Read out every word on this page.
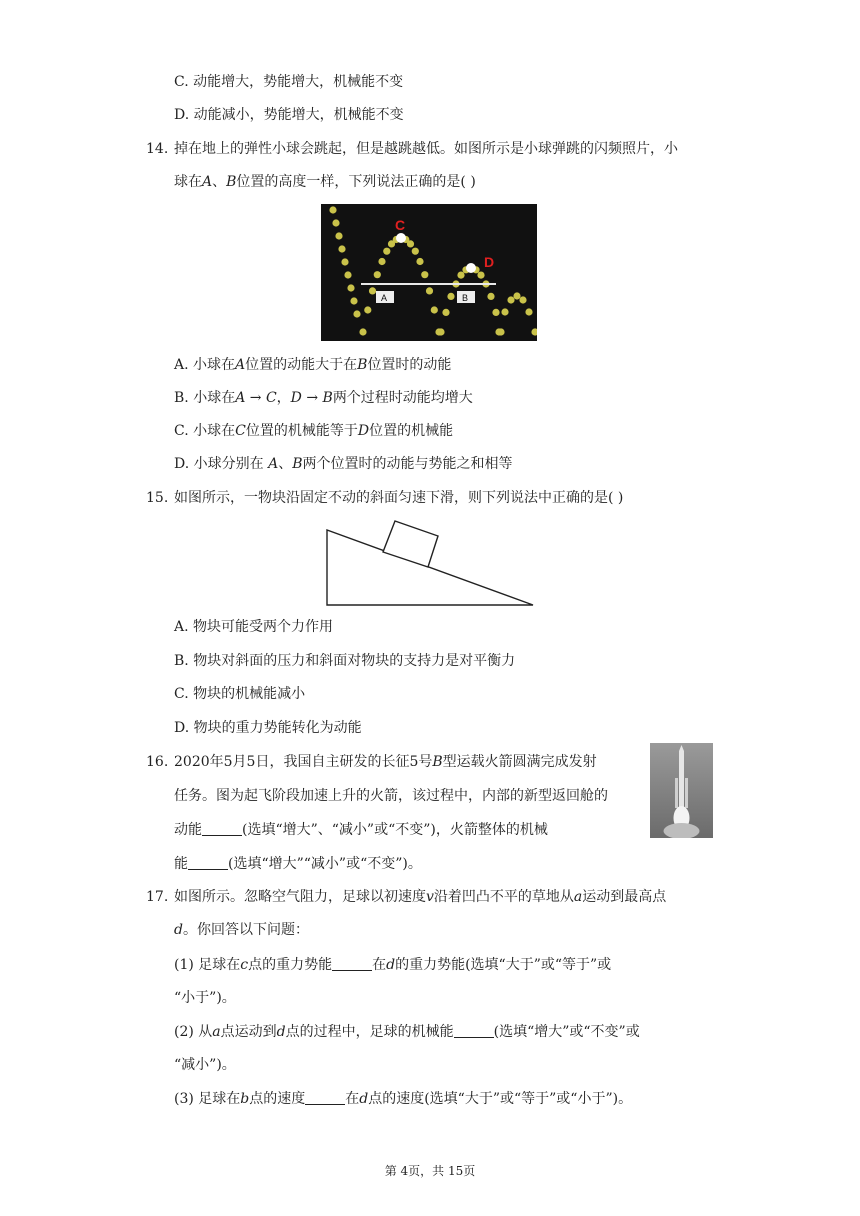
C. 动能增大，势能增大，机械能不变
D. 动能减小，势能增大，机械能不变
14. 掉在地上的弹性小球会跳起，但是越跳越低。如图所示是小球弹跳的闪频照片，小
球在A、B位置的高度一样，下列说法正确的是( )
C
D
A	B
A. 小球在A位置的动能大于在B位置时的动能
B. 小球在A → C，D → B两个过程时动能均增大
C. 小球在C位置的机械能等于D位置的机械能
D. 小球分别在 A、B两个位置时的动能与势能之和相等
15. 如图所示，一物块沿固定不动的斜面匀速下滑，则下列说法中正确的是( )
A. 物块可能受两个力作用
B. 物块对斜面的压力和斜面对物块的支持力是对平衡力
C. 物块的机械能减小
D. 物块的重力势能转化为动能
16. 2020年5月5日，我国自主研发的长征5号B型运载火箭圆满完成发射
任务。图为起飞阶段加速上升的火箭，该过程中，内部的新型返回舱的
动能	(选填“增大”、“减小”或“不变”)，火箭整体的机械
能	(选填“增大”“减小”或“不变”)。
17. 如图所示。忽略空气阻力，足球以初速度v沿着凹凸不平的草地从a运动到最高点
d。你回答以下问题：
(1) 足球在c点的重力势能	在d的重力势能(选填“大于”或“等于”或
“小于”)。
(2) 从a点运动到d点的过程中，足球的机械能	(选填“增大”或“不变”或
“减小”)。
(3) 足球在b点的速度	在d点的速度(选填“大于”或“等于”或“小于”)。
第 4页，共 15页
